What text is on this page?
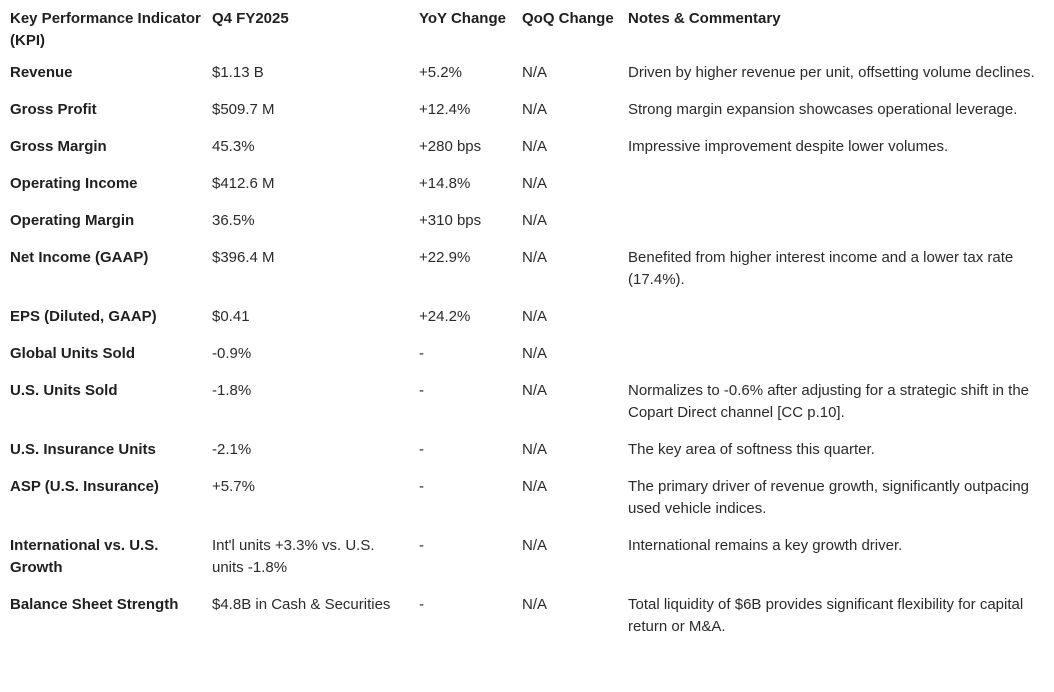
Key Performance Indicator (KPI)	Q4 FY2025	YoY Change	QoQ Change	Notes & Commentary
Revenue	$1.13 B	+5.2%	N/A	Driven by higher revenue per unit, offsetting volume declines.
Gross Profit	$509.7 M	+12.4%	N/A	Strong margin expansion showcases operational leverage.
Gross Margin	45.3%	+280 bps	N/A	Impressive improvement despite lower volumes.
Operating Income	$412.6 M	+14.8%	N/A	
Operating Margin	36.5%	+310 bps	N/A	
Net Income (GAAP)	$396.4 M	+22.9%	N/A	Benefited from higher interest income and a lower tax rate (17.4%).
EPS (Diluted, GAAP)	$0.41	+24.2%	N/A	
Global Units Sold	-0.9%	-	N/A	
U.S. Units Sold	-1.8%	-	N/A	Normalizes to -0.6% after adjusting for a strategic shift in the Copart Direct channel [CC p.10].
U.S. Insurance Units	-2.1%	-	N/A	The key area of softness this quarter.
ASP (U.S. Insurance)	+5.7%	-	N/A	The primary driver of revenue growth, significantly outpacing used vehicle indices.
International vs. U.S. Growth	Int'l units +3.3% vs. U.S. units -1.8%	-	N/A	International remains a key growth driver.
Balance Sheet Strength	$4.8B in Cash & Securities	-	N/A	Total liquidity of $6B provides significant flexibility for capital return or M&A.
